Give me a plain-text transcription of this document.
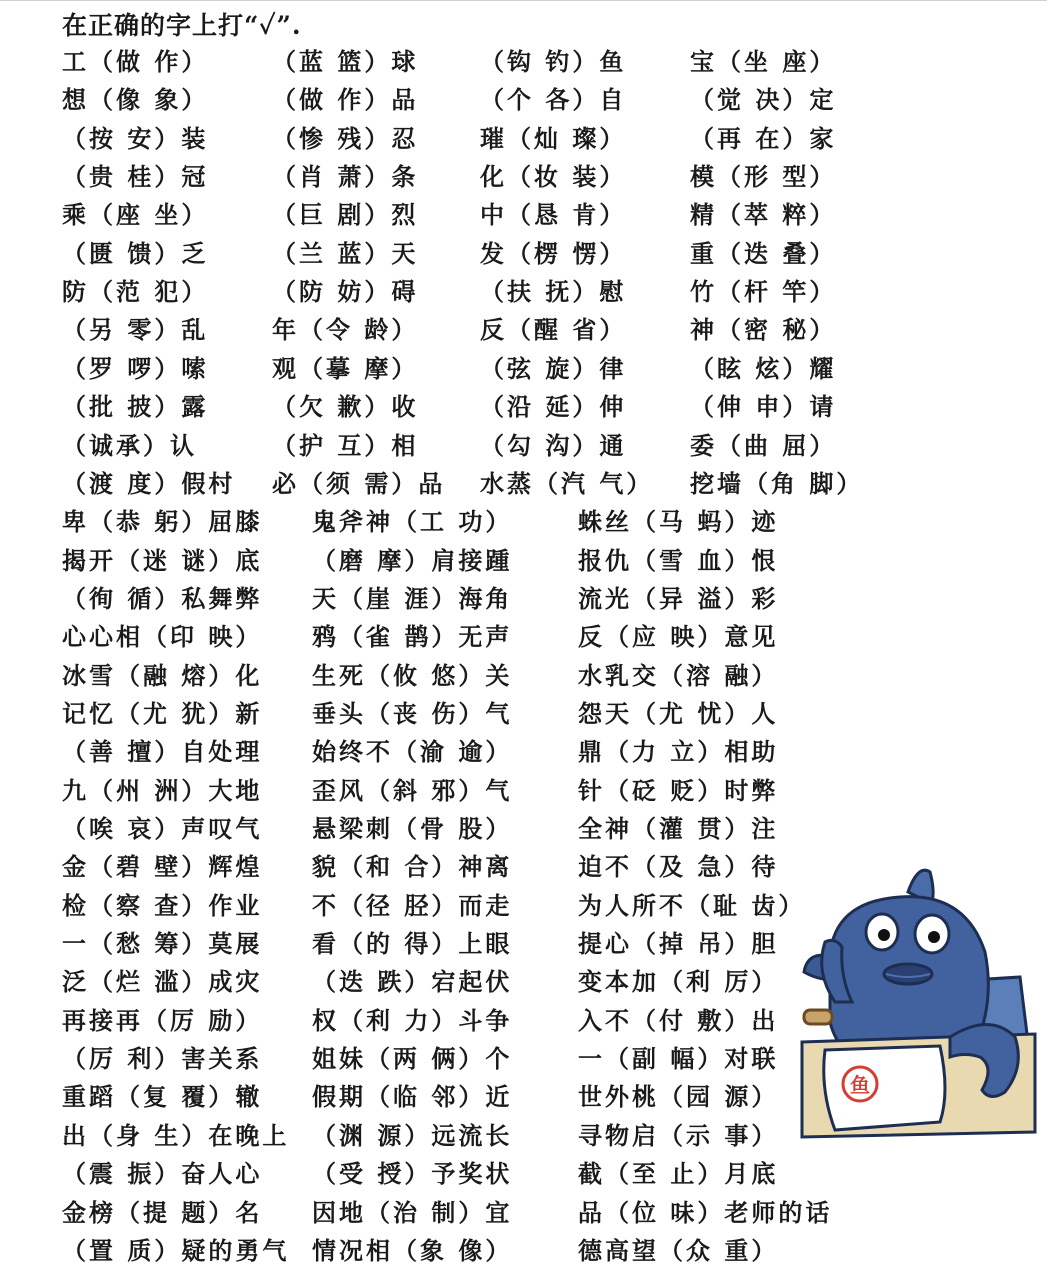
在正确的字上打“✓”.
工（做 作）	（蓝 篮）球	（钩 钓）鱼	宝（坐 座）
想（像 象）	（做 作）品	（个 各）自	（觉 决）定
（按 安）装	（惨 残）忍	璀（灿 璨）	（再 在）家
（贵 桂）冠	（肖 萧）条	化（妆 装）	模（形 型）
乘（座 坐）	（巨 剧）烈	中（恳 肯）	精（萃 粹）
（匮 馈）乏	（兰 蓝）天	发（楞 愣）	重（迭 叠）
防（范 犯）	（防 妨）碍	（扶 抚）慰	竹（杆 竿）
（另 零）乱	年（令 龄）	反（醒 省）	神（密 秘）
（罗 啰）嗦	观（摹 摩）	（弦 旋）律	（眩 炫）耀
（批 披）露	（欠 歉）收	（沿 延）伸	（伸 申）请
（诚承）认	（护 互）相	（勾 沟）通	委（曲 屈）
（渡 度）假村 必（须 需）品 水蒸（汽 气） 挖墙（角 脚）
卑（恭 躬）屈膝 鬼斧神（工 功）	蛛丝（马 蚂）迹
揭开（迷 谜）底 （磨 摩）肩接踵	报仇（雪 血）恨
（徇 循）私舞弊 天（崖 涯）海角	流光（异 溢）彩
心心相（印 映） 鸦（雀 鹊）无声	反（应 映）意见
冰雪（融 熔）化 生死（攸 悠）关	水乳交（溶 融）
记忆（尤 犹）新 垂头（丧 伤）气	怨天（尤 忧）人
（善 擅）自处理 始终不（渝 逾）	鼎（力 立）相助
九（州 洲）大地 歪风（斜 邪）气	针（砭 贬）时弊
（唉 哀）声叹气 悬梁刺（骨 股）	全神（灌 贯）注
金（碧 壁）辉煌 貌（和 合）神离	迫不（及 急）待
检（察 查）作业 不（径 胫）而走	为人所不（耻 齿）
一（愁 筹）莫展 看（的 得）上眼	提心（掉 吊）胆
泛（烂 滥）成灾 （迭 跌）宕起伏	变本加（利 厉）
再接再（厉 励） 权（利 力）斗争	入不（付 敷）出
（厉 利）害关系 姐妹（两 俩）个	一（副 幅）对联
重蹈（复 覆）辙 假期（临 邻）近	世外桃（园 源）
出（身 生）在晚上 （渊 源）远流长	寻物启（示 事）
（震 振）奋人心 （受 授）予奖状	截（至 止）月底
金榜（提 题）名 因地（治 制）宜	品（位 味）老师的话
（置 质）疑的勇气 情况相（象 像）	德高望（众 重）
鱼
